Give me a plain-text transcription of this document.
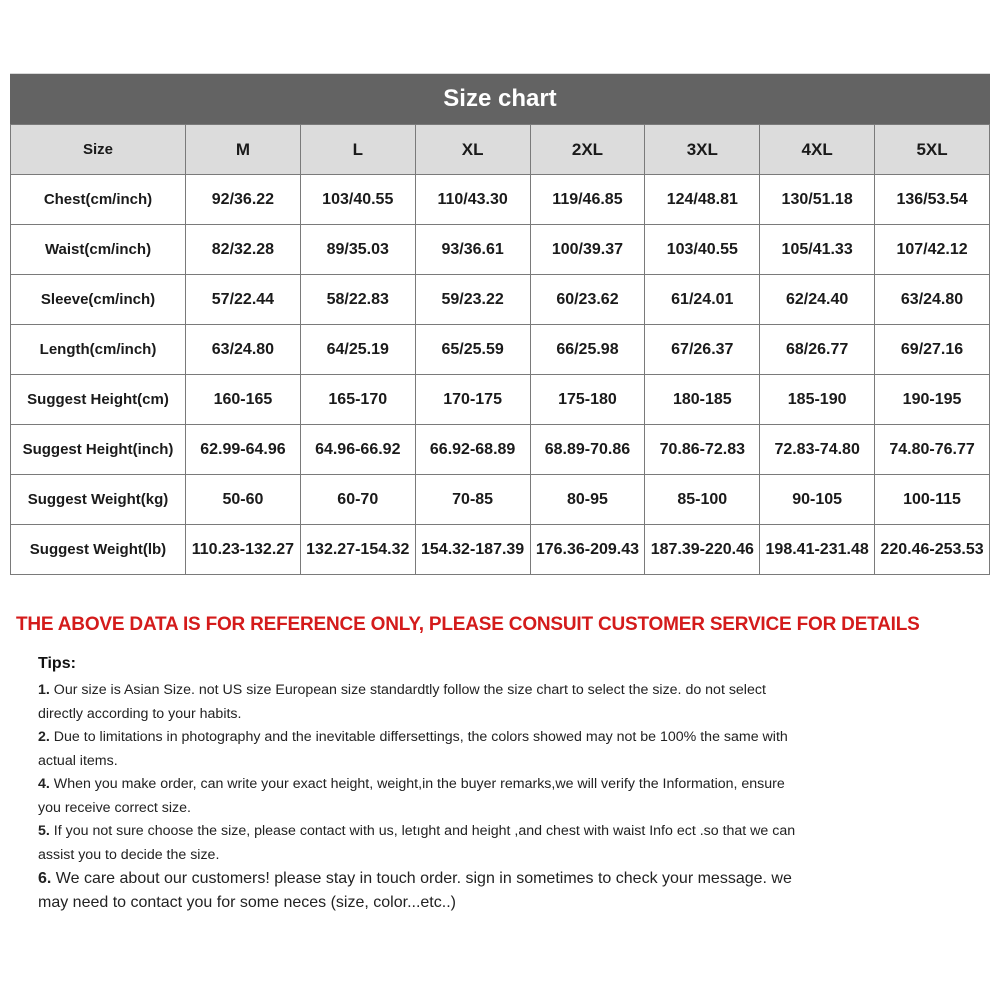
Size chart
Size	M	L	XL	2XL	3XL	4XL	5XL
Chest(cm/inch)	92/36.22	103/40.55	110/43.30	119/46.85	124/48.81	130/51.18	136/53.54
Waist(cm/inch)	82/32.28	89/35.03	93/36.61	100/39.37	103/40.55	105/41.33	107/42.12
Sleeve(cm/inch)	57/22.44	58/22.83	59/23.22	60/23.62	61/24.01	62/24.40	63/24.80
Length(cm/inch)	63/24.80	64/25.19	65/25.59	66/25.98	67/26.37	68/26.77	69/27.16
Suggest Height(cm)	160-165	165-170	170-175	175-180	180-185	185-190	190-195
Suggest Height(inch)	62.99-64.96	64.96-66.92	66.92-68.89	68.89-70.86	70.86-72.83	72.83-74.80	74.80-76.77
Suggest Weight(kg)	50-60	60-70	70-85	80-95	85-100	90-105	100-115
Suggest Weight(lb)	110.23-132.27	132.27-154.32	154.32-187.39	176.36-209.43	187.39-220.46	198.41-231.48	220.46-253.53
THE ABOVE DATA IS FOR REFERENCE ONLY, PLEASE CONSUIT CUSTOMER SERVICE FOR DETAILS
Tips:
1. Our size is Asian Size. not US size European size standardtly follow the size chart to select the size. do not select directly according to your habits.
2. Due to limitations in photography and the inevitable differsettings, the colors showed may not be 100% the same with actual items.
4. When you make order, can write your exact height, weight,in the buyer remarks,we will verify the Information, ensure you receive correct size.
5. If you not sure choose the size, please contact with us, letıght and height ,and chest with waist Info ect .so that we can assist you to decide the size.
6. We care about our customers! please stay in touch order. sign in sometimes to check your message. we may need to contact you for some neces (size, color...etc..)
